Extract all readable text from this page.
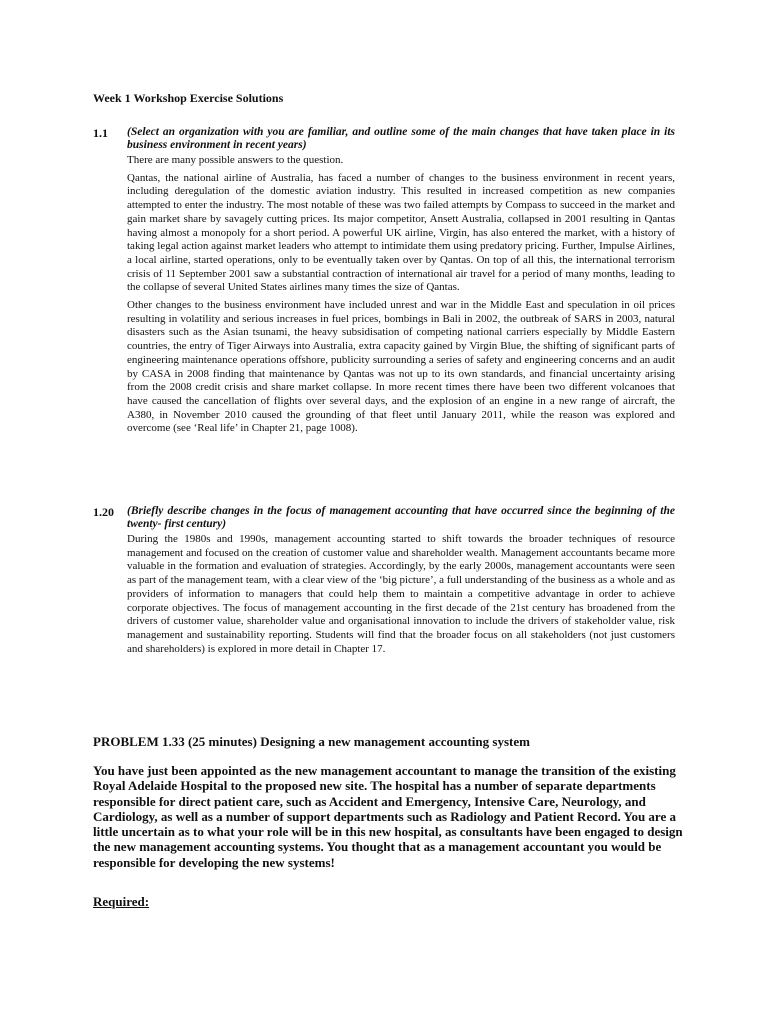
Week 1 Workshop Exercise Solutions
1.1 (Select an organization with you are familiar, and outline some of the main changes that have taken place in its business environment in recent years)

There are many possible answers to the question.

Qantas, the national airline of Australia, has faced a number of changes to the business environment in recent years, including deregulation of the domestic aviation industry. This resulted in increased competition as new companies attempted to enter the industry. The most notable of these was two failed attempts by Compass to succeed in the market and gain market share by savagely cutting prices. Its major competitor, Ansett Australia, collapsed in 2001 resulting in Qantas having almost a monopoly for a short period. A powerful UK airline, Virgin, has also entered the market, with a history of taking legal action against market leaders who attempt to intimidate them using predatory pricing. Further, Impulse Airlines, a local airline, started operations, only to be eventually taken over by Qantas. On top of all this, the international terrorism crisis of 11 September 2001 saw a substantial contraction of international air travel for a period of many months, leading to the collapse of several United States airlines many times the size of Qantas.

Other changes to the business environment have included unrest and war in the Middle East and speculation in oil prices resulting in volatility and serious increases in fuel prices, bombings in Bali in 2002, the outbreak of SARS in 2003, natural disasters such as the Asian tsunami, the heavy subsidisation of competing national carriers especially by Middle Eastern countries, the entry of Tiger Airways into Australia, extra capacity gained by Virgin Blue, the shifting of significant parts of engineering maintenance operations offshore, publicity surrounding a series of safety and engineering concerns and an audit by CASA in 2008 finding that maintenance by Qantas was not up to its own standards, and financial uncertainty arising from the 2008 credit crisis and share market collapse. In more recent times there have been two different volcanoes that have caused the cancellation of flights over several days, and the explosion of an engine in a new range of aircraft, the A380, in November 2010 caused the grounding of that fleet until January 2011, while the reason was explored and overcome (see ‘Real life’ in Chapter 21, page 1008).

1.20 (Briefly describe changes in the focus of management accounting that have occurred since the beginning of the twenty- first century)

During the 1980s and 1990s, management accounting started to shift towards the broader techniques of resource management and focused on the creation of customer value and shareholder wealth. Management accountants became more valuable in the formation and evaluation of strategies. Accordingly, by the early 2000s, management accountants were seen as part of the management team, with a clear view of the ‘big picture’, a full understanding of the business as a whole and as providers of information to managers that could help them to maintain a competitive advantage in order to achieve corporate objectives. The focus of management accounting in the first decade of the 21st century has broadened from the drivers of customer value, shareholder value and organisational innovation to include the drivers of stakeholder value, risk management and sustainability reporting. Students will find that the broader focus on all stakeholders (not just customers and shareholders) is explored in more detail in Chapter 17.

PROBLEM 1.33 (25 minutes) Designing a new management accounting system
You have just been appointed as the new management accountant to manage the transition of the existing Royal Adelaide Hospital to the proposed new site. The hospital has a number of separate departments responsible for direct patient care, such as Accident and Emergency, Intensive Care, Neurology, and Cardiology, as well as a number of support departments such as Radiology and Patient Record. You are a little uncertain as to what your role will be in this new hospital, as consultants have been engaged to design the new management accounting systems. You thought that as a management accountant you would be responsible for developing the new systems!
Required:
